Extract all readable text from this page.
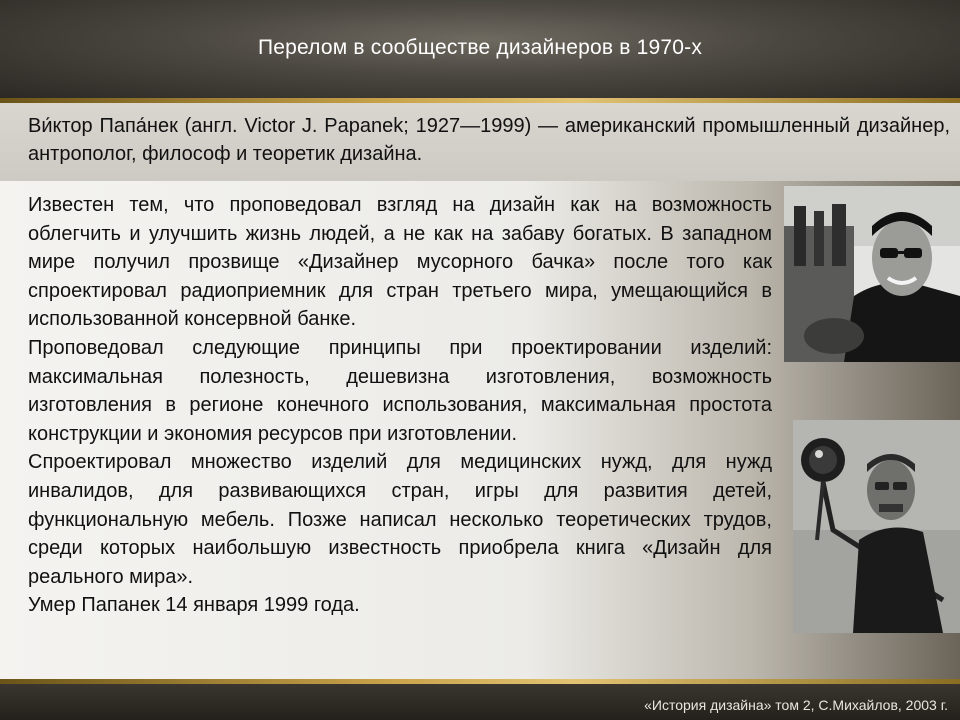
Перелом в сообществе дизайнеров в 1970-х
Ви́ктор Папа́нек (англ. Victor J. Papanek; 1927—1999) — американский промышленный дизайнер, антрополог, философ и теоретик дизайна.

Известен тем, что проповедовал взгляд на дизайн как на возможность облегчить и улучшить жизнь людей, а не как на забаву богатых. В западном мире получил прозвище «Дизайнер мусорного бачка» после того как спроектировал радиоприемник для стран третьего мира, умещающийся в использованной консервной банке.

Проповедовал следующие принципы при проектировании изделий: максимальная полезность, дешевизна изготовления, возможность изготовления в регионе конечного использования, максимальная простота конструкции и экономия ресурсов при изготовлении.

Спроектировал множество изделий для медицинских нужд, для нужд инвалидов, для развивающихся стран, игры для развития детей, функциональную мебель. Позже написал несколько теоретических трудов, среди которых наибольшую известность приобрела книга «Дизайн для реального мира».

Умер Папанек 14 января 1999 года.

«История дизайна» том 2, С.Михайлов, 2003 г.
